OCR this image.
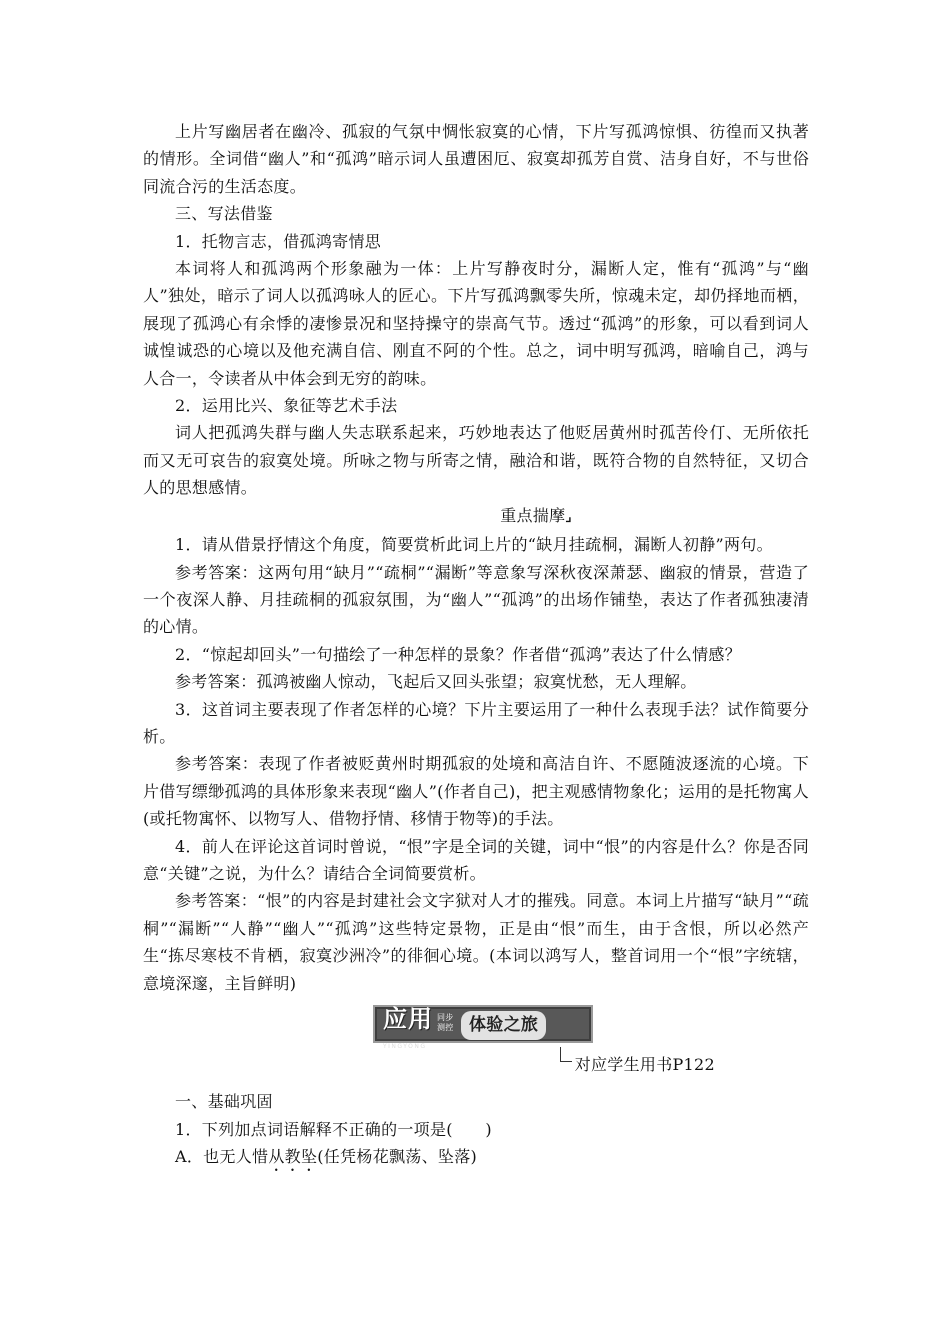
上片写幽居者在幽冷、孤寂的气氛中惆怅寂寞的心情，下片写孤鸿惊惧、彷徨而又执著的情形。全词借“幽人”和“孤鸿”暗示词人虽遭困厄、寂寞却孤芳自赏、洁身自好，不与世俗同流合污的生活态度。

三、写法借鉴

1．托物言志，借孤鸿寄情思

本词将人和孤鸿两个形象融为一体：上片写静夜时分，漏断人定，惟有“孤鸿”与“幽人”独处，暗示了词人以孤鸿咏人的匠心。下片写孤鸿飘零失所，惊魂未定，却仍择地而栖，展现了孤鸿心有余悸的凄惨景况和坚持操守的崇高气节。透过“孤鸿”的形象，可以看到词人诚惶诚恐的心境以及他充满自信、刚直不阿的个性。总之，词中明写孤鸿，暗喻自己，鸿与人合一，令读者从中体会到无穷的韵味。

2．运用比兴、象征等艺术手法

词人把孤鸿失群与幽人失志联系起来，巧妙地表达了他贬居黄州时孤苦伶仃、无所依托而又无可哀告的寂寞处境。所咏之物与所寄之情，融洽和谐，既符合物的自然特征，又切合人的思想感情。

重点揣摩⌟

1．请从借景抒情这个角度，简要赏析此词上片的“缺月挂疏桐，漏断人初静”两句。

参考答案：这两句用“缺月”“疏桐”“漏断”等意象写深秋夜深萧瑟、幽寂的情景，营造了一个夜深人静、月挂疏桐的孤寂氛围，为“幽人”“孤鸿”的出场作铺垫，表达了作者孤独凄清的心情。

2．“惊起却回头”一句描绘了一种怎样的景象？作者借“孤鸿”表达了什么情感？

参考答案：孤鸿被幽人惊动，飞起后又回头张望；寂寞忧愁，无人理解。

3．这首词主要表现了作者怎样的心境？下片主要运用了一种什么表现手法？试作简要分析。

参考答案：表现了作者被贬黄州时期孤寂的处境和高洁自许、不愿随波逐流的心境。下片借写缥缈孤鸿的具体形象来表现“幽人”(作者自己)，把主观感情物象化；运用的是托物寓人(或托物寓怀、以物写人、借物抒情、移情于物等)的手法。

4．前人在评论这首词时曾说，“恨”字是全词的关键，词中“恨”的内容是什么？你是否同意“关键”之说，为什么？请结合全词简要赏析。

参考答案：“恨”的内容是封建社会文字狱对人才的摧残。同意。本词上片描写“缺月”“疏桐”“漏断”“人静”“幽人”“孤鸿”这些特定景物，正是由“恨”而生，由于含恨，所以必然产生“拣尽寒枝不肯栖，寂寞沙洲冷”的徘徊心境。(本词以鸿写人，整首词用一个“恨”字统辖，意境深邃，主旨鲜明)

应用
YINGYONG
同步测控 体验之旅
对应学生用书P122

一、基础巩固

1．下列加点词语解释不正确的一项是(　　)

A．也无人惜从教坠(任凭杨花飘荡、坠落)
